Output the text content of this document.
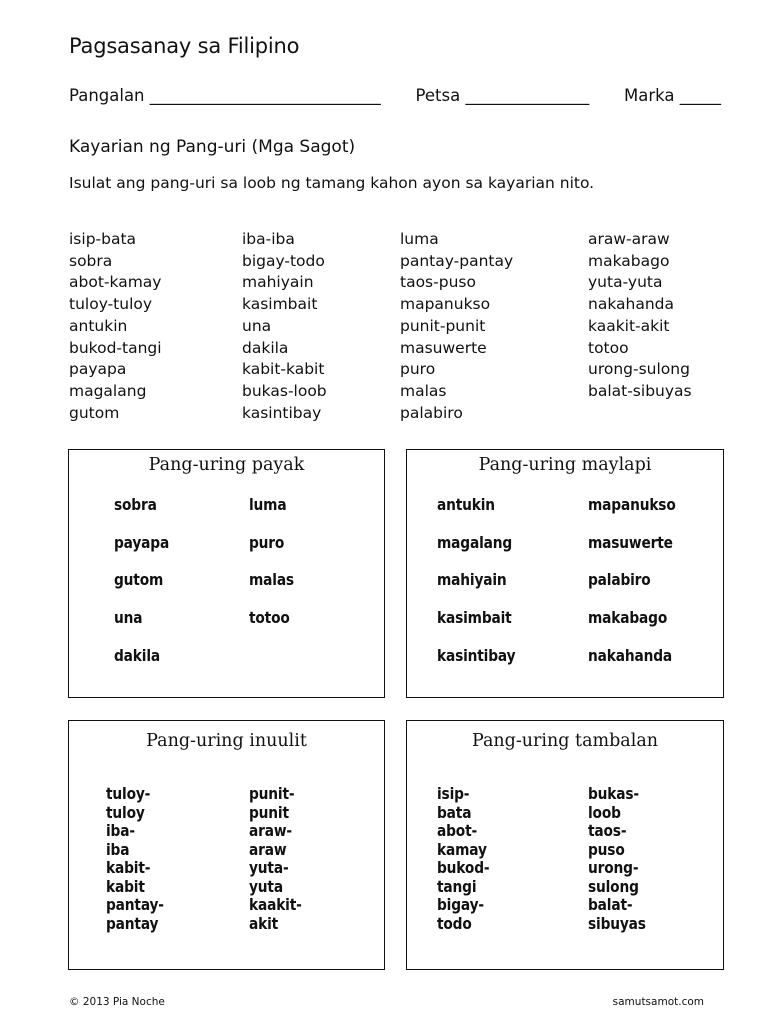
Pagsasanay sa Filipino
Pangalan ____________________________ Petsa _______________ Marka _____
Kayarian ng Pang-uri (Mga Sagot)
Isulat ang pang-uri sa loob ng tamang kahon ayon sa kayarian nito.
isip-bata
sobra
abot-kamay
tuloy-tuloy
antukin
bukod-tangi
payapa
magalang
gutom
iba-iba
bigay-todo
mahiyain
kasimbait
una
dakila
kabit-kabit
bukas-loob
kasintibay
luma
pantay-pantay
taos-puso
mapanukso
punit-punit
masuwerte
puro
malas
palabiro
araw-araw
makabago
yuta-yuta
nakahanda
kaakit-akit
totoo
urong-sulong
balat-sibuyas
Pang-uring payak
sobra
payapa
gutom
una
dakila
luma
puro
malas
totoo
Pang-uring maylapi
antukin
magalang
mahiyain
kasimbait
kasintibay
mapanukso
masuwerte
palabiro
makabago
nakahanda
Pang-uring inuulit
tuloy-tuloy
iba-iba
kabit-kabit
pantay-pantay
punit-punit
araw-araw
yuta-yuta
kaakit-akit
Pang-uring tambalan
isip-bata
abot-kamay
bukod-tangi
bigay-todo
bukas-loob
taos-puso
urong-sulong
balat-sibuyas
© 2013 Pia Noche	samutsamot.com
